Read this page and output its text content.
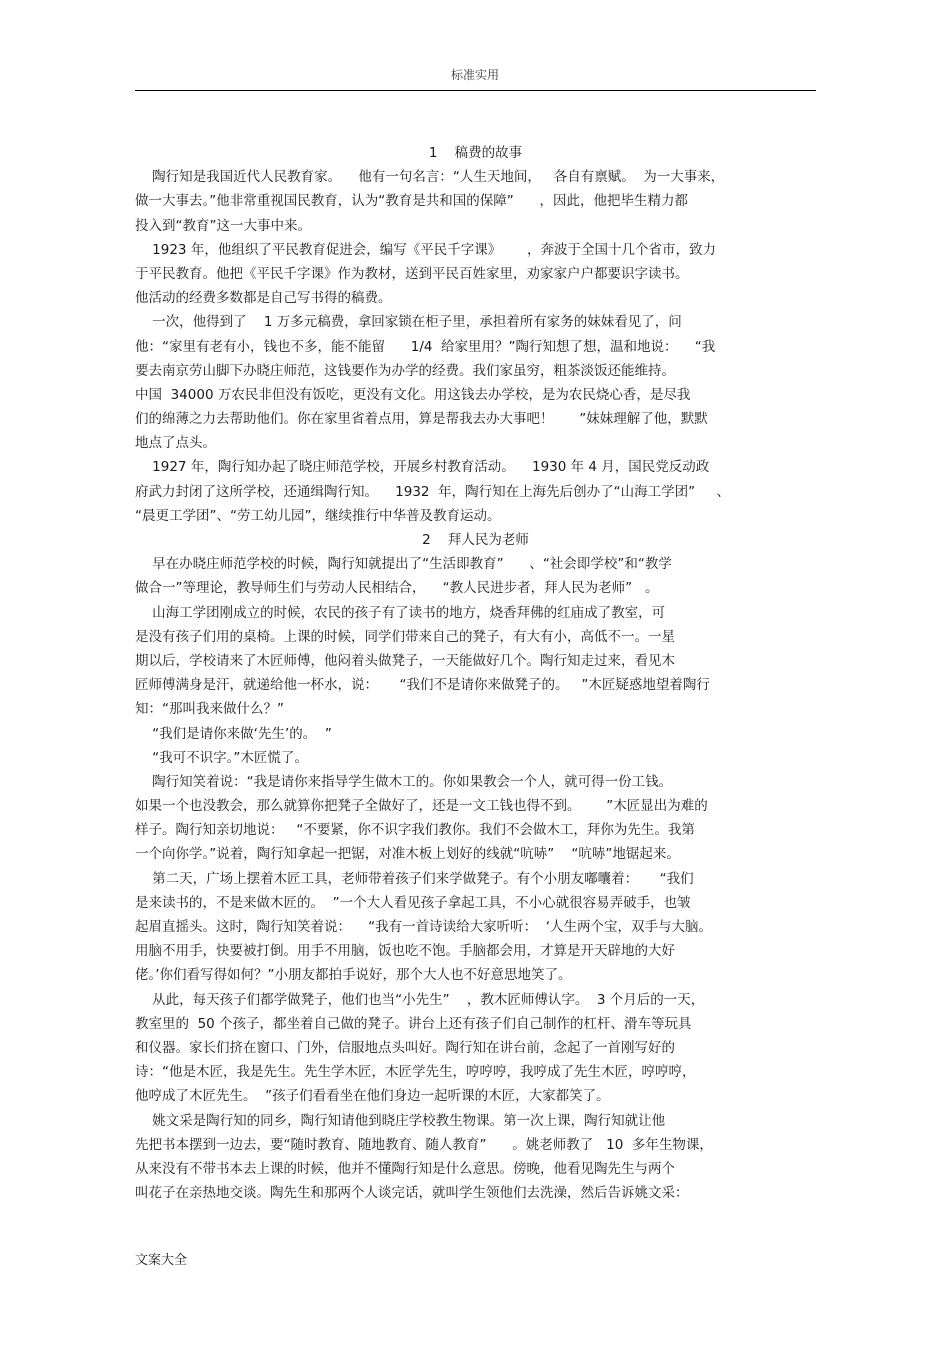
标准实用
1    稿费的故事
陶行知是我国近代人民教育家。    他有一句名言：“人生天地间，   各自有禀赋。  为一大事来，
做一大事去。”他非常重视国民教育，认为“教育是共和国的保障”      ，因此，他把毕生精力都
投入到“教育”这一大事中来。
1923 年，他组织了平民教育促进会，编写《平民千字课》      ，奔波于全国十几个省市，致力
于平民教育。他把《平民千字课》作为教材，送到平民百姓家里，劝家家户户都要识字读书。
他活动的经费多数都是自己写书得的稿费。
一次，他得到了    1 万多元稿费，拿回家锁在柜子里，承担着所有家务的妹妹看见了，问
他：“家里有老有小，钱也不多，能不能留      1/4  给家里用？”陶行知想了想，温和地说：    “我
要去南京劳山脚下办晓庄师范，这钱要作为办学的经费。我们家虽穷，粗茶淡饭还能维持。
中国  34000 万农民非但没有饭吃，更没有文化。用这钱去办学校，是为农民烧心香，是尽我
们的绵薄之力去帮助他们。你在家里省着点用，算是帮我去办大事吧！      ”妹妹理解了他，默默
地点了点头。
1927 年，陶行知办起了晓庄师范学校，开展乡村教育活动。    1930 年 4 月，国民党反动政
府武力封闭了这所学校，还通缉陶行知。    1932  年，陶行知在上海先后创办了“山海工学团”     、
“晨更工学团”、“劳工幼儿园”，继续推行中华普及教育运动。
2    拜人民为老师
早在办晓庄师范学校的时候，陶行知就提出了“生活即教育”      、“社会即学校”和“教学
做合一”等理论，教导师生们与劳动人民相结合，    “教人民进步者，拜人民为老师”   。
山海工学团刚成立的时候，农民的孩子有了读书的地方，烧香拜佛的红庙成了教室，可
是没有孩子们用的桌椅。上课的时候，同学们带来自己的凳子，有大有小，高低不一。一星
期以后，学校请来了木匠师傅，他闷着头做凳子，一天能做好几个。陶行知走过来，看见木
匠师傅满身是汗，就递给他一杯水，说：     “我们不是请你来做凳子的。   ”木匠疑惑地望着陶行
知：“那叫我来做什么？”
“我们是请你来做‘先生’的。  ”
“我可不识字。”木匠慌了。
陶行知笑着说：“我是请你来指导学生做木工的。你如果教会一个人，就可得一份工钱。
如果一个也没教会，那么就算你把凳子全做好了，还是一文工钱也得不到。      ”木匠显出为难的
样子。陶行知亲切地说：   “不要紧，你不识字我们教你。我们不会做木工，拜你为先生。我第
一个向你学。”说着，陶行知拿起一把锯，对准木板上划好的线就“吭哧”    “吭哧”地锯起来。
第二天，广场上摆着木匠工具，老师带着孩子们来学做凳子。有个小朋友嘟囔着：     “我们
是来读书的，不是来做木匠的。  ”一个大人看见孩子拿起工具，不小心就很容易弄破手，也皱
起眉直摇头。这时，陶行知笑着说：    “我有一首诗读给大家听听：  ‘人生两个宝，双手与大脑。
用脑不用手，快要被打倒。用手不用脑，饭也吃不饱。手脑都会用，才算是开天辟地的大好
佬。’你们看写得如何？”小朋友都拍手说好，那个大人也不好意思地笑了。
从此，每天孩子们都学做凳子，他们也当“小先生”    ，教木匠师傅认字。  3 个月后的一天，
教室里的  50 个孩子，都坐着自己做的凳子。讲台上还有孩子们自己制作的杠杆、滑车等玩具
和仪器。家长们挤在窗口、门外，信服地点头叫好。陶行知在讲台前，念起了一首刚写好的
诗：“他是木匠，我是先生。先生学木匠，木匠学先生，哼哼哼，我哼成了先生木匠，哼哼哼，
他哼成了木匠先生。  ”孩子们看看坐在他们身边一起听课的木匠，大家都笑了。
姚文采是陶行知的同乡，陶行知请他到晓庄学校教生物课。第一次上课，陶行知就让他
先把书本摆到一边去，要“随时教育、随地教育、随人教育”      。姚老师教了   10  多年生物课，
从来没有不带书本去上课的时候，他并不懂陶行知是什么意思。傍晚，他看见陶先生与两个
叫花子在亲热地交谈。陶先生和那两个人谈完话，就叫学生领他们去洗澡，然后告诉姚文采：
文案大全
